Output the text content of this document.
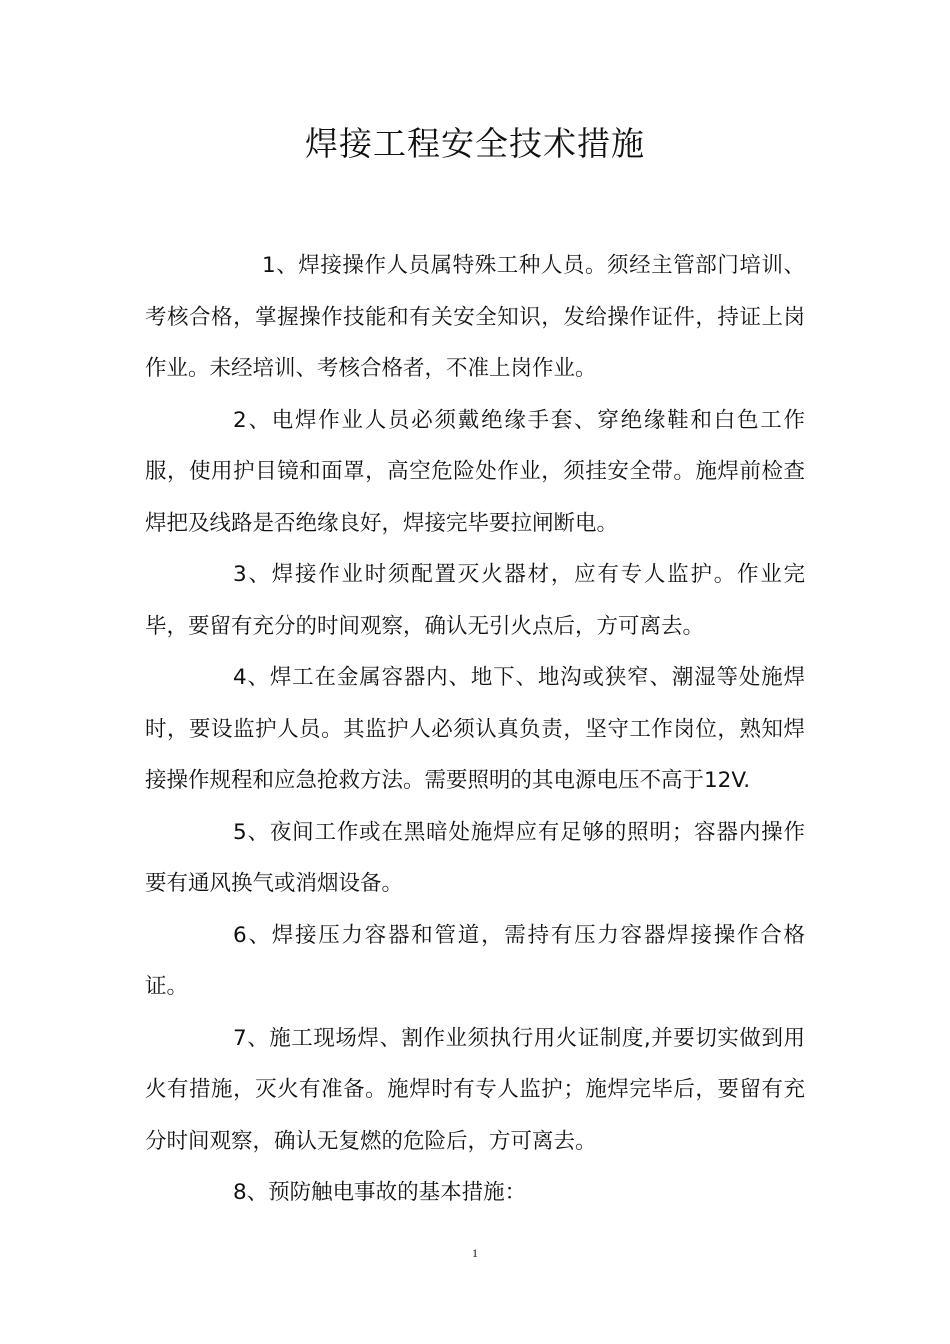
焊接工程安全技术措施

1、焊接操作人员属特殊工种人员。须经主管部门培训、考核合格，掌握操作技能和有关安全知识，发给操作证件，持证上岗作业。未经培训、考核合格者，不准上岗作业。

2、电焊作业人员必须戴绝缘手套、穿绝缘鞋和白色工作服，使用护目镜和面罩，高空危险处作业，须挂安全带。施焊前检查焊把及线路是否绝缘良好，焊接完毕要拉闸断电。

3、焊接作业时须配置灭火器材，应有专人监护。作业完毕，要留有充分的时间观察，确认无引火点后，方可离去。

4、焊工在金属容器内、地下、地沟或狭窄、潮湿等处施焊时，要设监护人员。其监护人必须认真负责，坚守工作岗位，熟知焊接操作规程和应急抢救方法。需要照明的其电源电压不高于12V.

5、夜间工作或在黑暗处施焊应有足够的照明；容器内操作要有通风换气或消烟设备。

6、焊接压力容器和管道，需持有压力容器焊接操作合格证。

7、施工现场焊、割作业须执行用火证制度,并要切实做到用火有措施，灭火有准备。施焊时有专人监护；施焊完毕后，要留有充分时间观察，确认无复燃的危险后，方可离去。

8、预防触电事故的基本措施：

1
